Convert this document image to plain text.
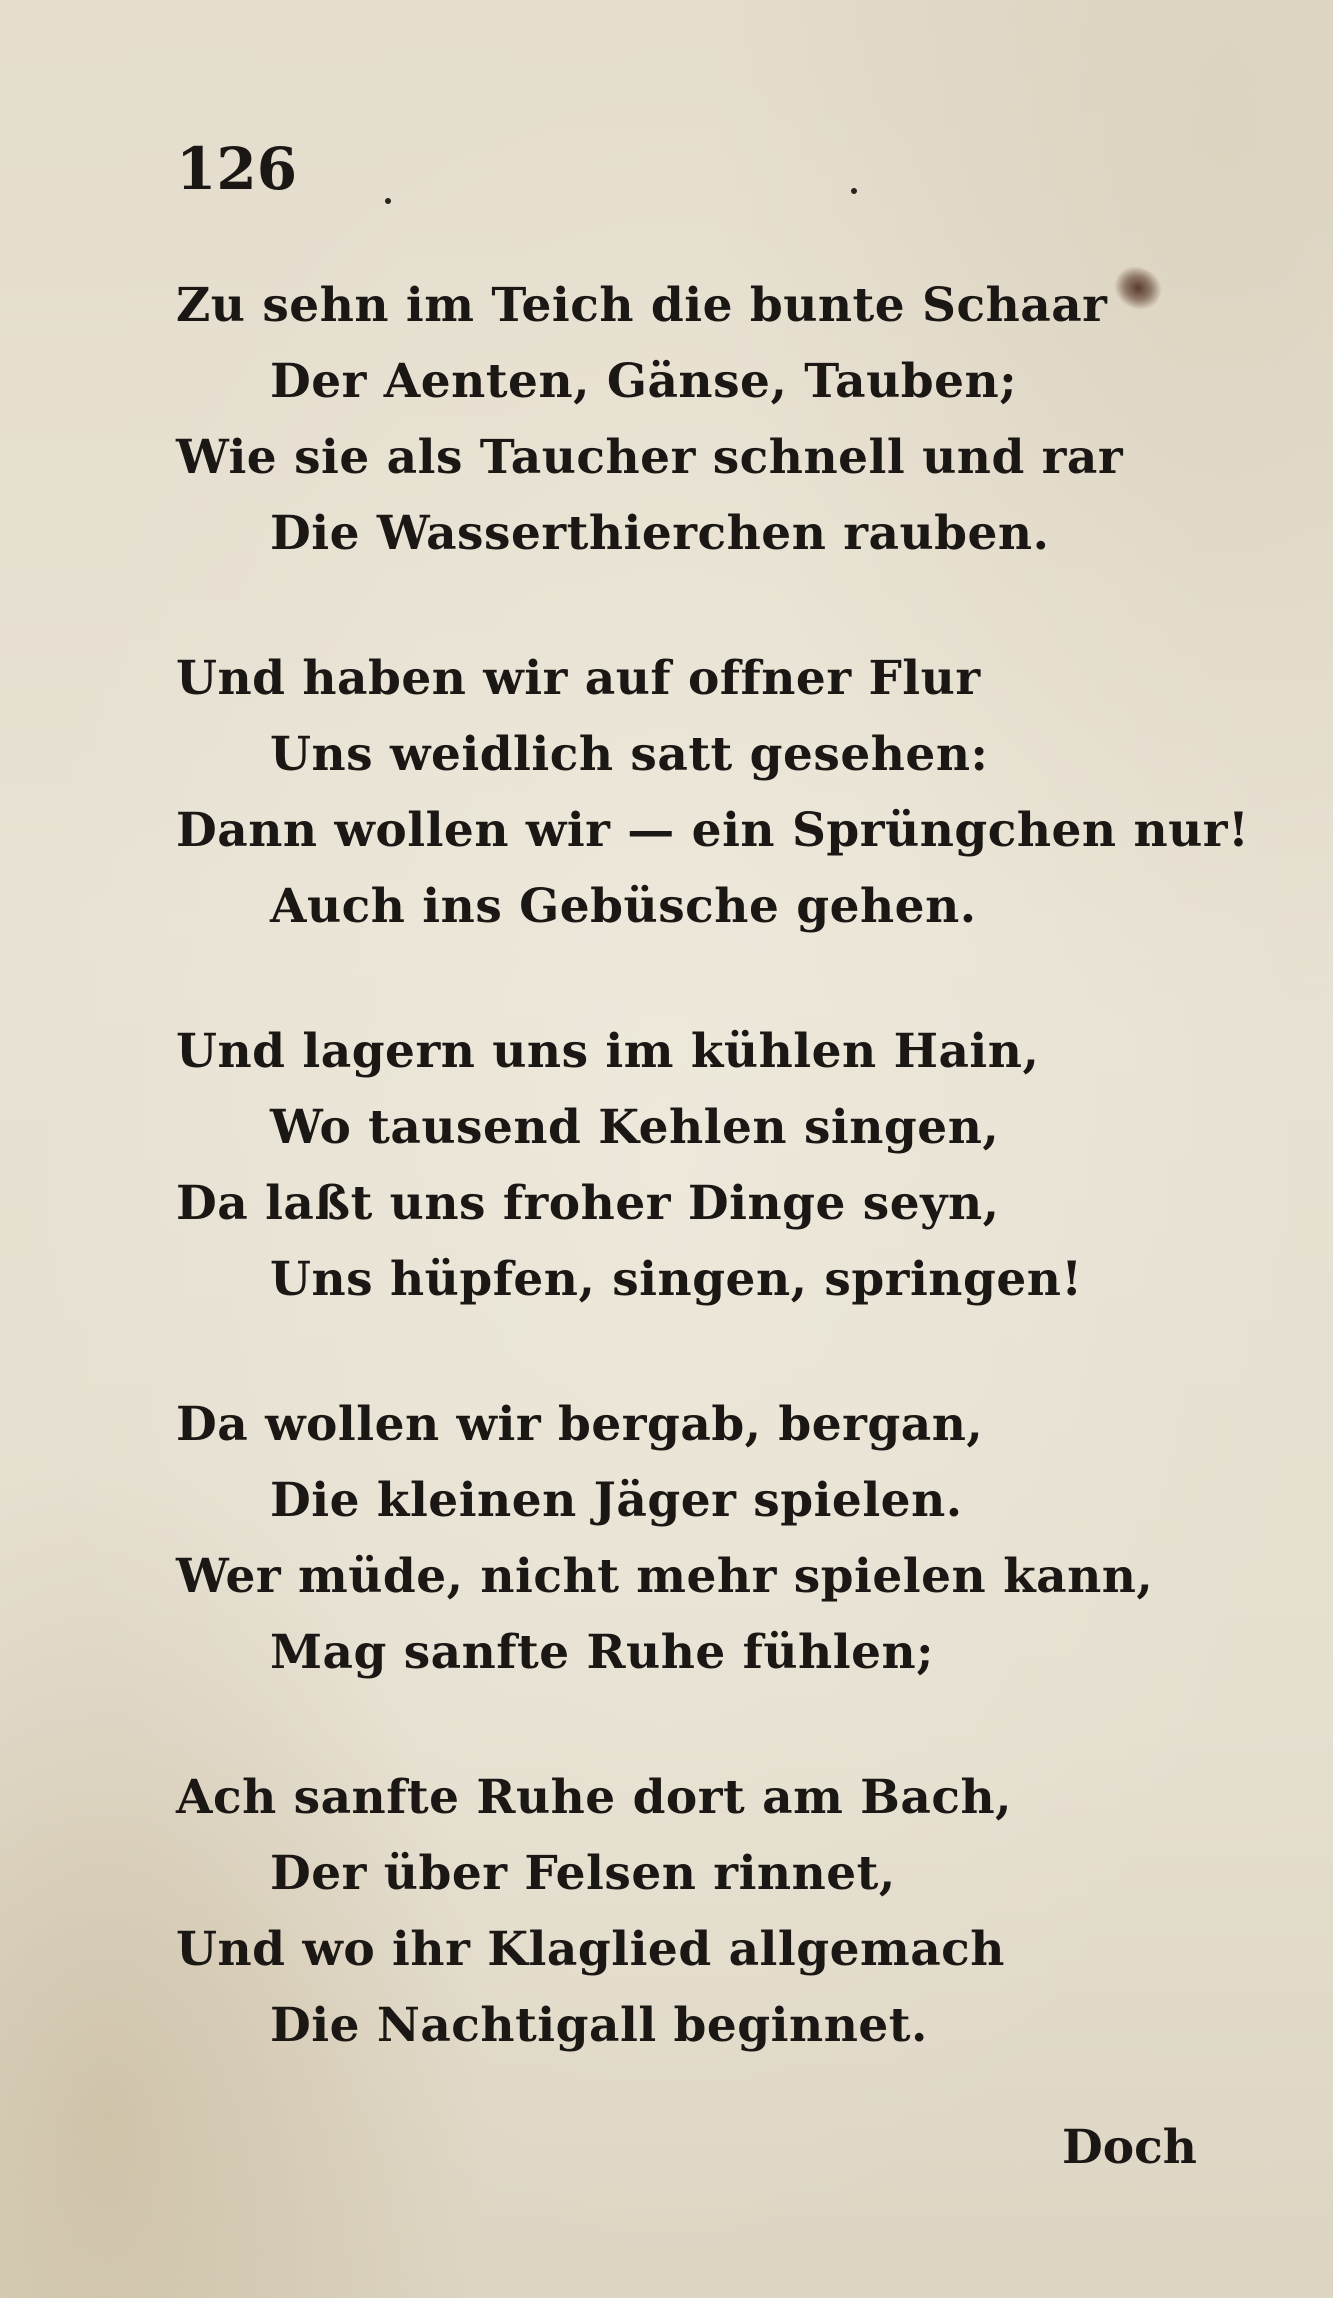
126
Zu sehn im Teich die bunte Schaar
Der Aenten, Gänse, Tauben;
Wie sie als Taucher schnell und rar
Die Wasserthierchen rauben.
Und haben wir auf offner Flur
Uns weidlich satt gesehen:
Dann wollen wir — ein Sprüngchen nur!
Auch ins Gebüsche gehen.
Und lagern uns im kühlen Hain,
Wo tausend Kehlen singen,
Da laßt uns froher Dinge seyn,
Uns hüpfen, singen, springen!
Da wollen wir bergab, bergan,
Die kleinen Jäger spielen.
Wer müde, nicht mehr spielen kann,
Mag sanfte Ruhe fühlen;
Ach sanfte Ruhe dort am Bach,
Der über Felsen rinnet,
Und wo ihr Klaglied allgemach
Die Nachtigall beginnet.
Doch
